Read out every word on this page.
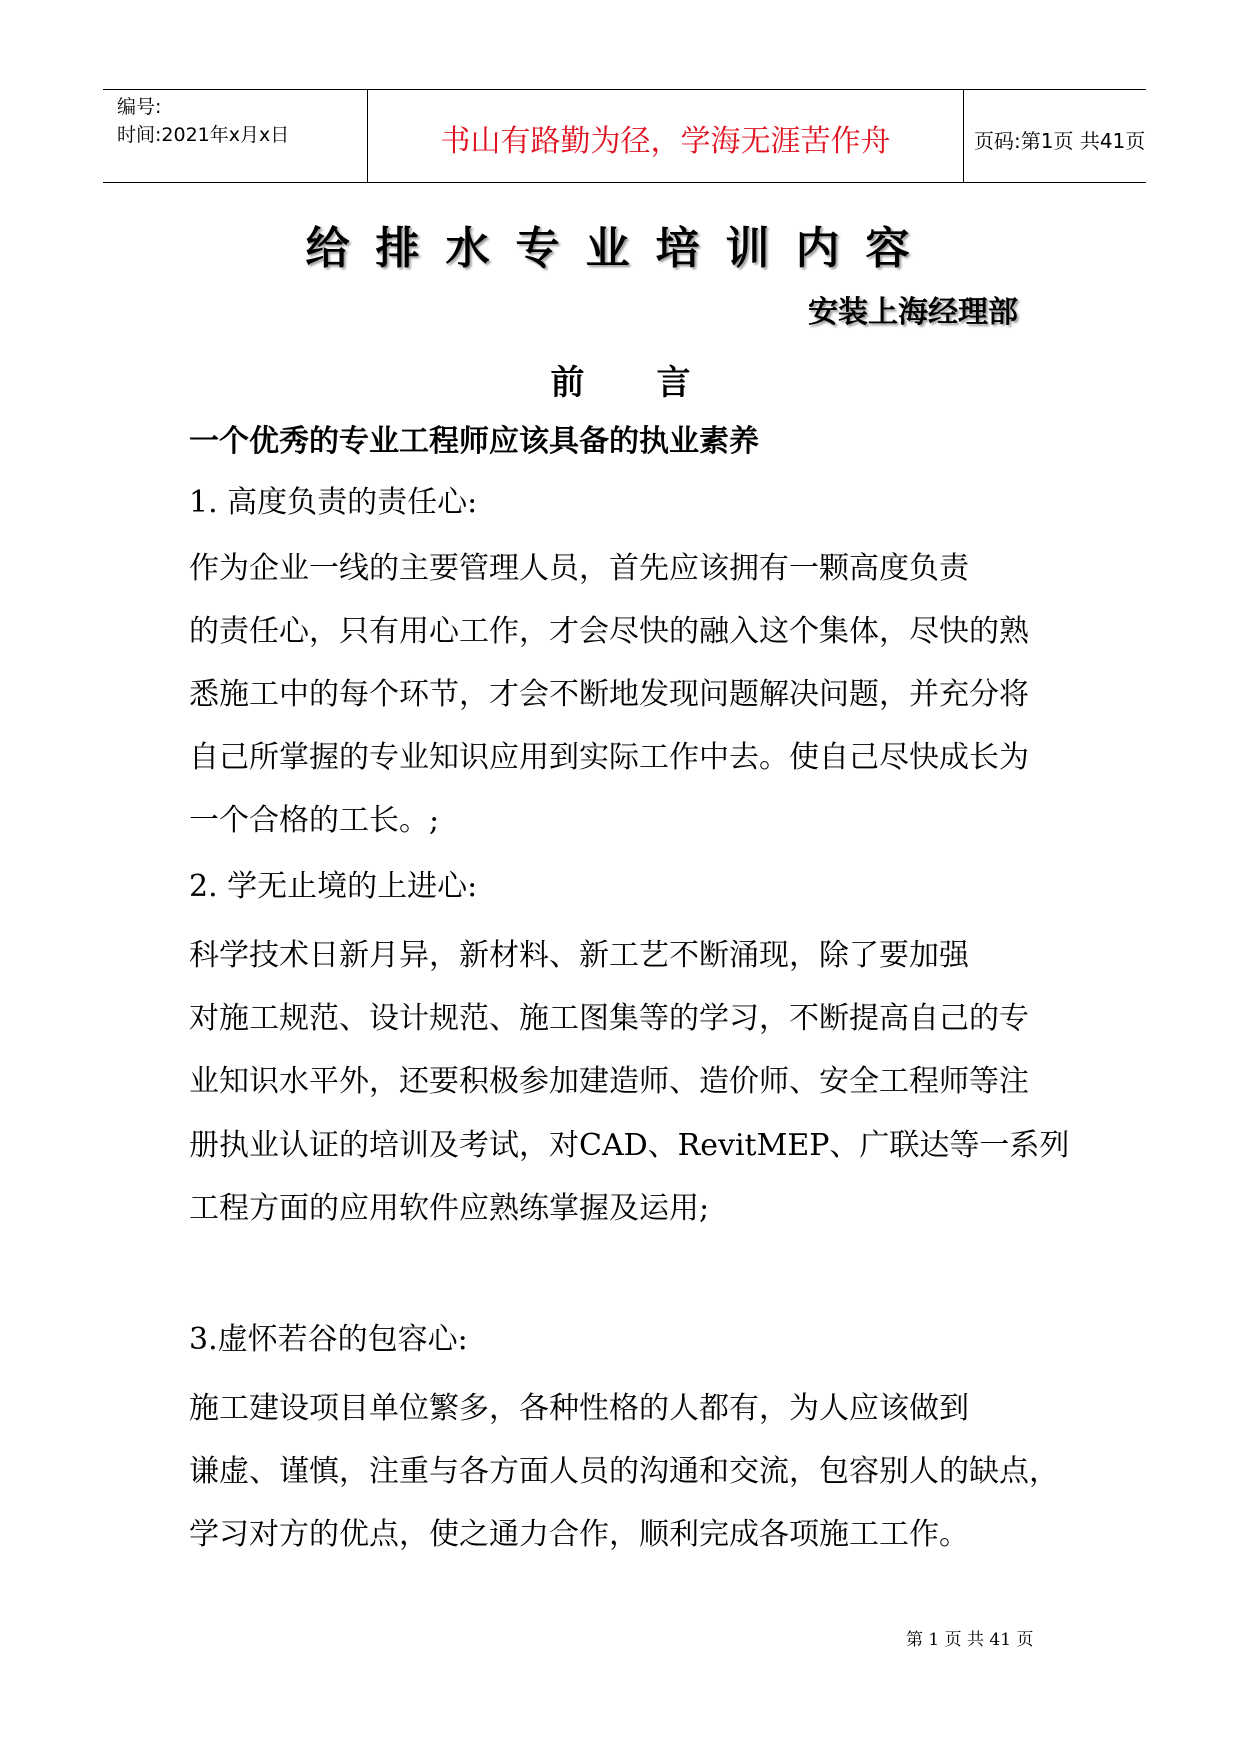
编号:
时间:2021年x月x日	书山有路勤为径，学海无涯苦作舟	页码:第1页 共41页
给排水专业培训内容
安装上海经理部
前言
一个优秀的专业工程师应该具备的执业素养
1. 高度负责的责任心:
作为企业一线的主要管理人员，首先应该拥有一颗高度负责
的责任心，只有用心工作，才会尽快的融入这个集体，尽快的熟
悉施工中的每个环节，才会不断地发现问题解决问题，并充分将
自己所掌握的专业知识应用到实际工作中去。使自己尽快成长为
一个合格的工长。;
2. 学无止境的上进心:
科学技术日新月异，新材料、新工艺不断涌现，除了要加强
对施工规范、设计规范、施工图集等的学习，不断提高自己的专
业知识水平外，还要积极参加建造师、造价师、安全工程师等注
册执业认证的培训及考试，对CAD、RevitMEP、广联达等一系列
工程方面的应用软件应熟练掌握及运用;
3.虚怀若谷的包容心:
施工建设项目单位繁多，各种性格的人都有，为人应该做到
谦虚、谨慎，注重与各方面人员的沟通和交流，包容别人的缺点，
学习对方的优点，使之通力合作，顺利完成各项施工工作。
第 1 页 共 41 页
